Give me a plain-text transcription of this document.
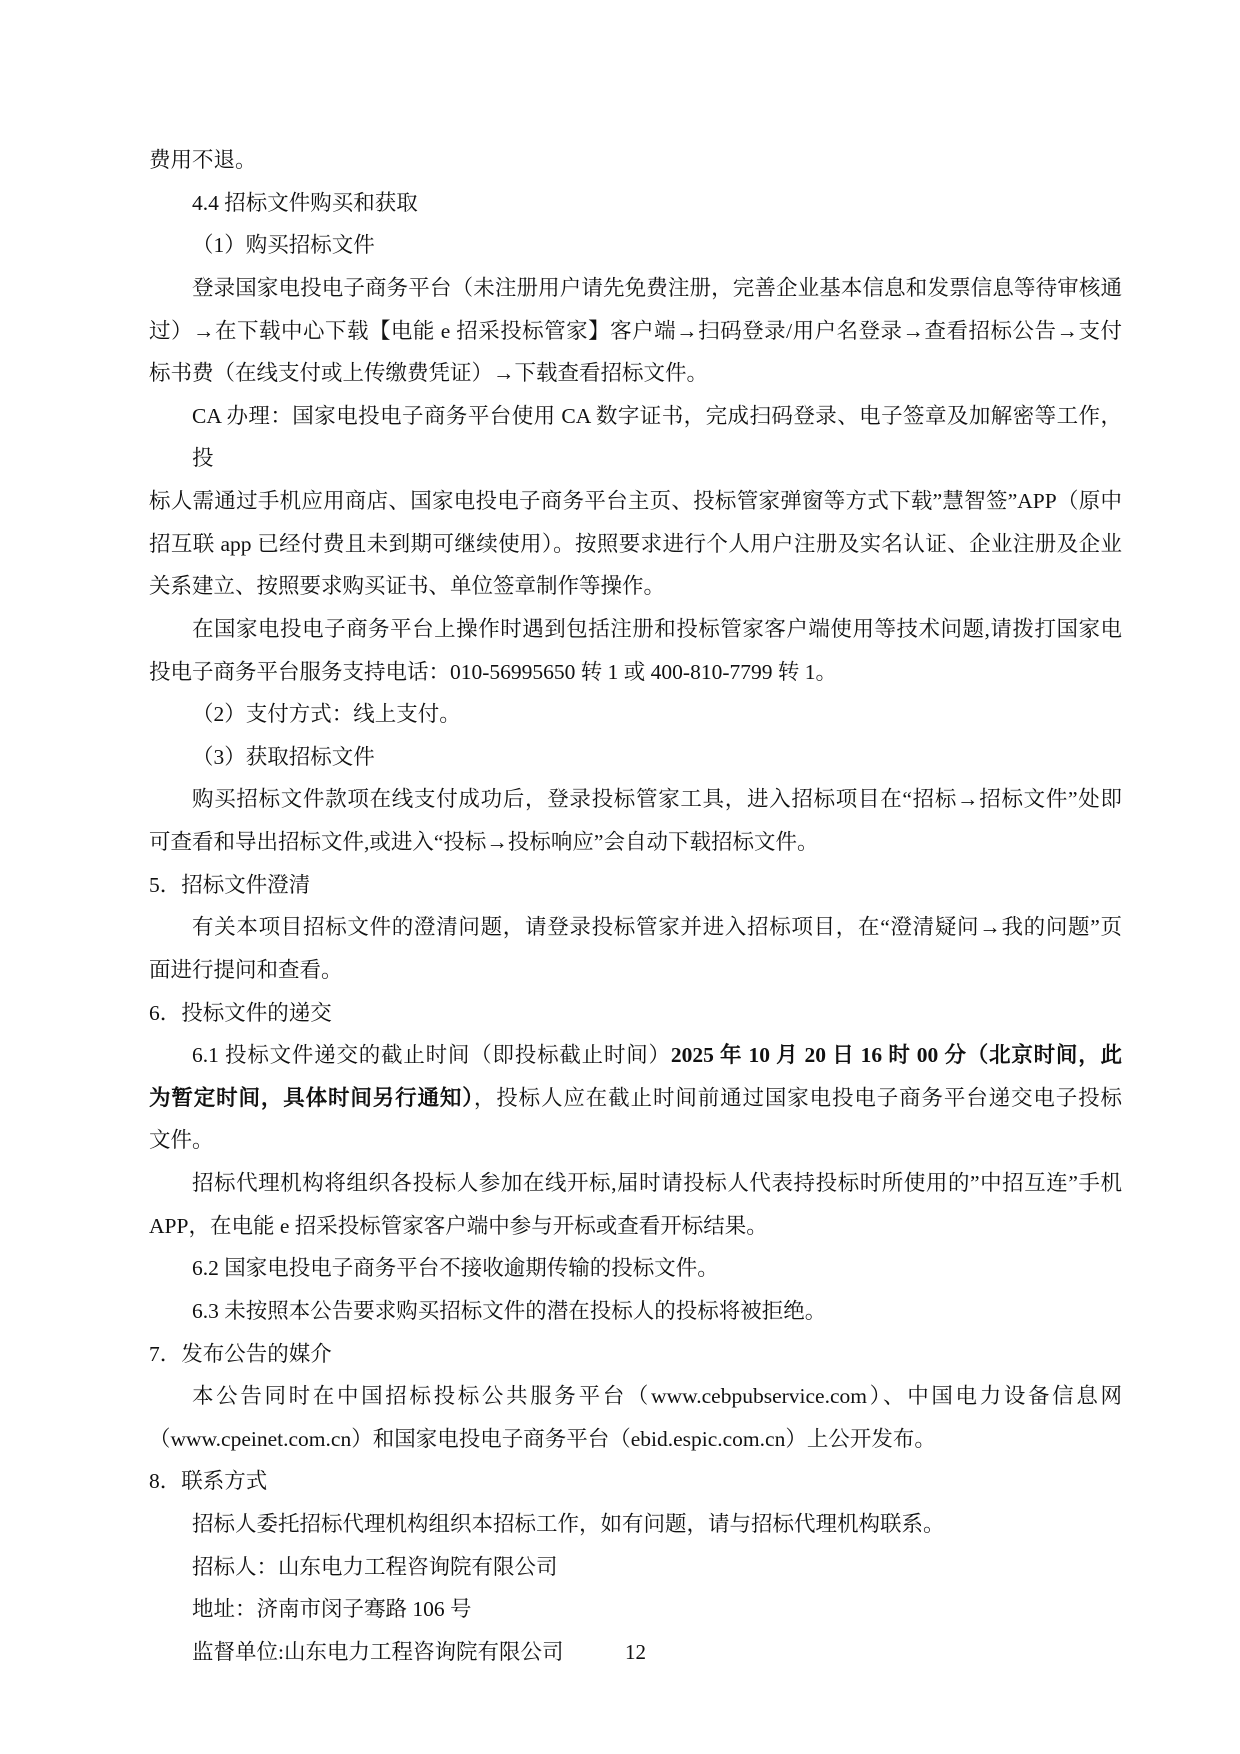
费用不退。
4.4 招标文件购买和获取
（1）购买招标文件
登录国家电投电子商务平台（未注册用户请先免费注册，完善企业基本信息和发票信息等待审核通
过）→在下载中心下载【电能 e 招采投标管家】客户端→扫码登录/用户名登录→查看招标公告→支付
标书费（在线支付或上传缴费凭证）→下载查看招标文件。
CA 办理：国家电投电子商务平台使用 CA 数字证书，完成扫码登录、电子签章及加解密等工作，投
标人需通过手机应用商店、国家电投电子商务平台主页、投标管家弹窗等方式下载”慧智签”APP（原中
招互联 app 已经付费且未到期可继续使用）。按照要求进行个人用户注册及实名认证、企业注册及企业
关系建立、按照要求购买证书、单位签章制作等操作。
在国家电投电子商务平台上操作时遇到包括注册和投标管家客户端使用等技术问题,请拨打国家电
投电子商务平台服务支持电话：010-56995650 转 1 或 400-810-7799 转 1。
（2）支付方式：线上支付。
（3）获取招标文件
购买招标文件款项在线支付成功后，登录投标管家工具，进入招标项目在“招标→招标文件”处即
可查看和导出招标文件,或进入“投标→投标响应”会自动下载招标文件。
5．招标文件澄清
有关本项目招标文件的澄清问题，请登录投标管家并进入招标项目，在“澄清疑问→我的问题”页
面进行提问和查看。
6．投标文件的递交
6.1 投标文件递交的截止时间（即投标截止时间）2025 年 10 月 20 日 16 时 00 分（北京时间，此
为暂定时间，具体时间另行通知），投标人应在截止时间前通过国家电投电子商务平台递交电子投标
文件。
招标代理机构将组织各投标人参加在线开标,届时请投标人代表持投标时所使用的”中招互连”手机
APP，在电能 e 招采投标管家客户端中参与开标或查看开标结果。
6.2 国家电投电子商务平台不接收逾期传输的投标文件。
6.3 未按照本公告要求购买招标文件的潜在投标人的投标将被拒绝。
7．发布公告的媒介
本公告同时在中国招标投标公共服务平台（www.cebpubservice.com）、中国电力设备信息网
（www.cpeinet.com.cn）和国家电投电子商务平台（ebid.espic.com.cn）上公开发布。
8．联系方式
招标人委托招标代理机构组织本招标工作，如有问题，请与招标代理机构联系。
招标人：山东电力工程咨询院有限公司
地址：济南市闵子骞路 106 号
监督单位:山东电力工程咨询院有限公司	12
